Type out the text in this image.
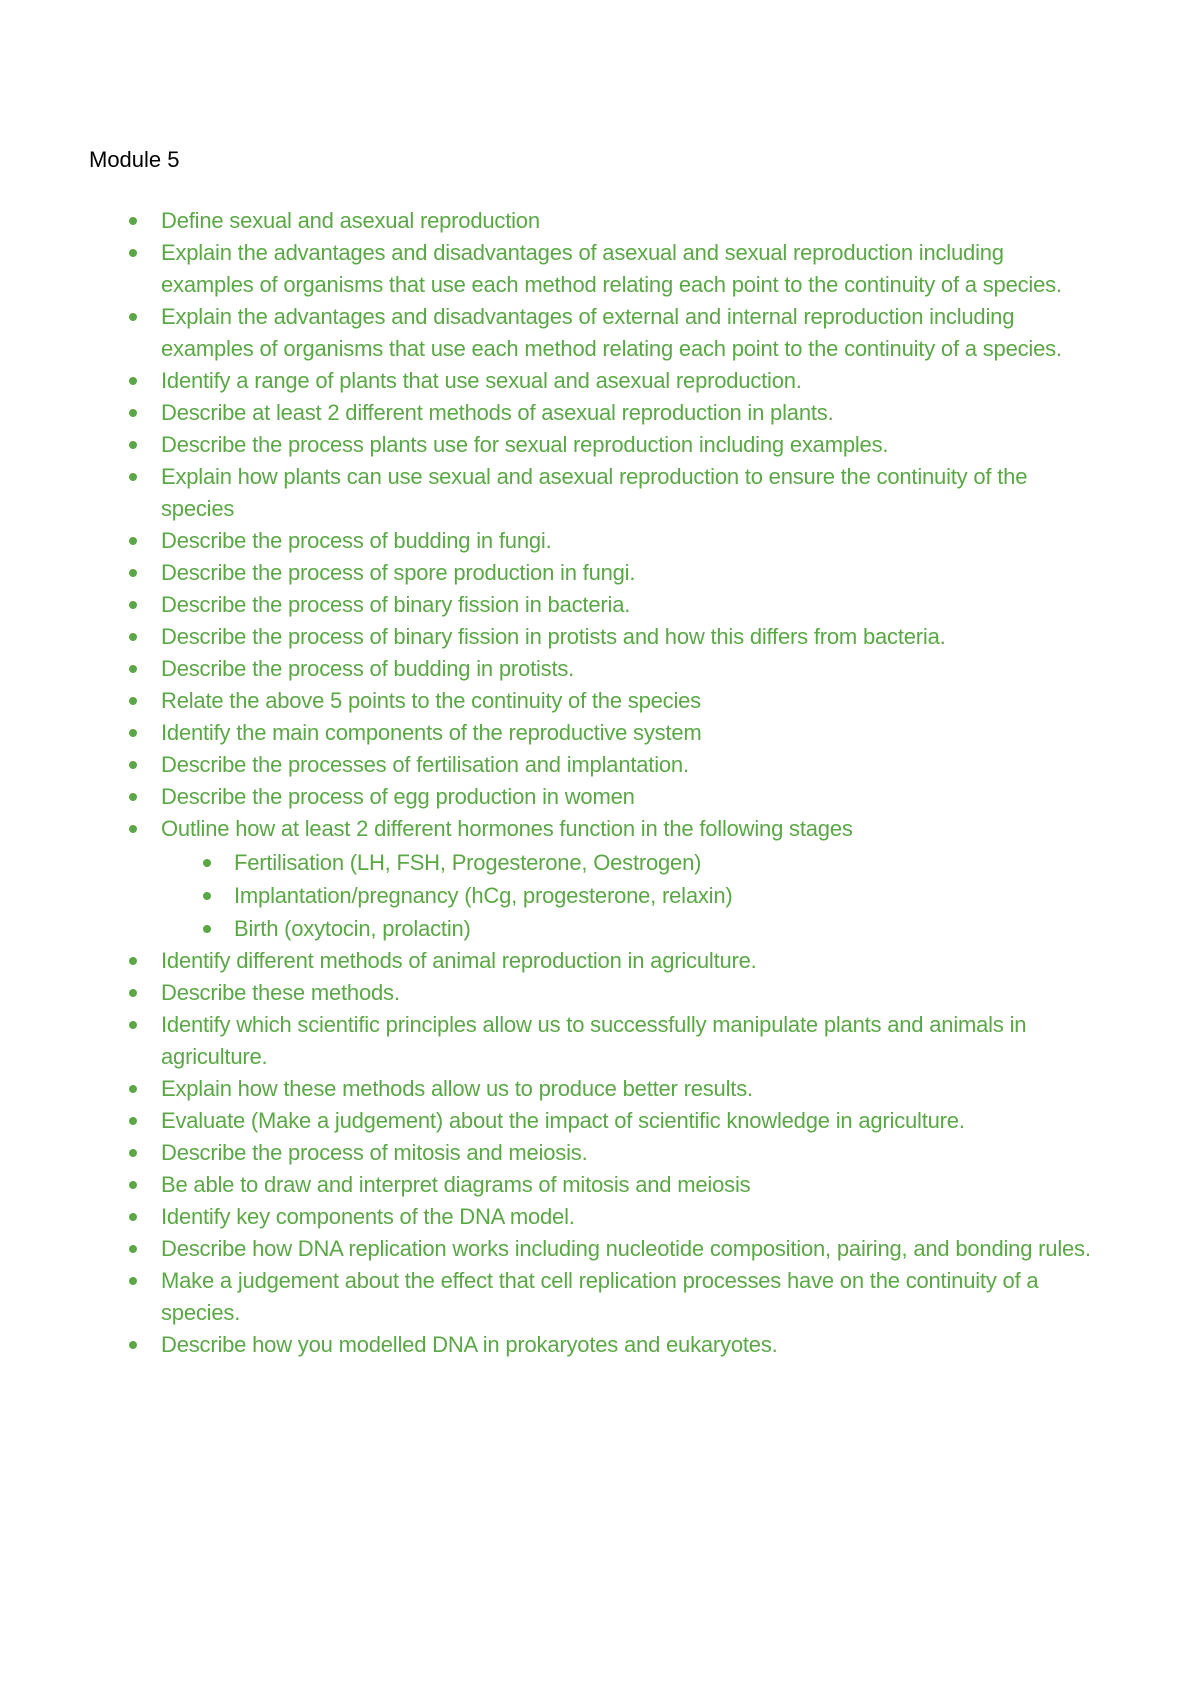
Module 5
Define sexual and asexual reproduction
Explain the advantages and disadvantages of asexual and sexual reproduction including examples of organisms that use each method relating each point to the continuity of a species.
Explain the advantages and disadvantages of external and internal reproduction including examples of organisms that use each method relating each point to the continuity of a species.
Identify a range of plants that use sexual and asexual reproduction.
Describe at least 2 different methods of asexual reproduction in plants.
Describe the process plants use for sexual reproduction including examples.
Explain how plants can use sexual and asexual reproduction to ensure the continuity of the species
Describe the process of budding in fungi.
Describe the process of spore production in fungi.
Describe the process of binary fission in bacteria.
Describe the process of binary fission in protists and how this differs from bacteria.
Describe the process of budding in protists.
Relate the above 5 points to the continuity of the species
Identify the main components of the reproductive system
Describe the processes of fertilisation and implantation.
Describe the process of egg production in women
Outline how at least 2 different hormones function in the following stages
Fertilisation (LH, FSH, Progesterone, Oestrogen)
Implantation/pregnancy (hCg, progesterone, relaxin)
Birth (oxytocin, prolactin)
Identify different methods of animal reproduction in agriculture.
Describe these methods.
Identify which scientific principles allow us to successfully manipulate plants and animals in agriculture.
Explain how these methods allow us to produce better results.
Evaluate (Make a judgement) about the impact of scientific knowledge in agriculture.
Describe the process of mitosis and meiosis.
Be able to draw and interpret diagrams of mitosis and meiosis
Identify key components of the DNA model.
Describe how DNA replication works including nucleotide composition, pairing, and bonding rules.
Make a judgement about the effect that cell replication processes have on the continuity of a species.
Describe how you modelled DNA in prokaryotes and eukaryotes.
